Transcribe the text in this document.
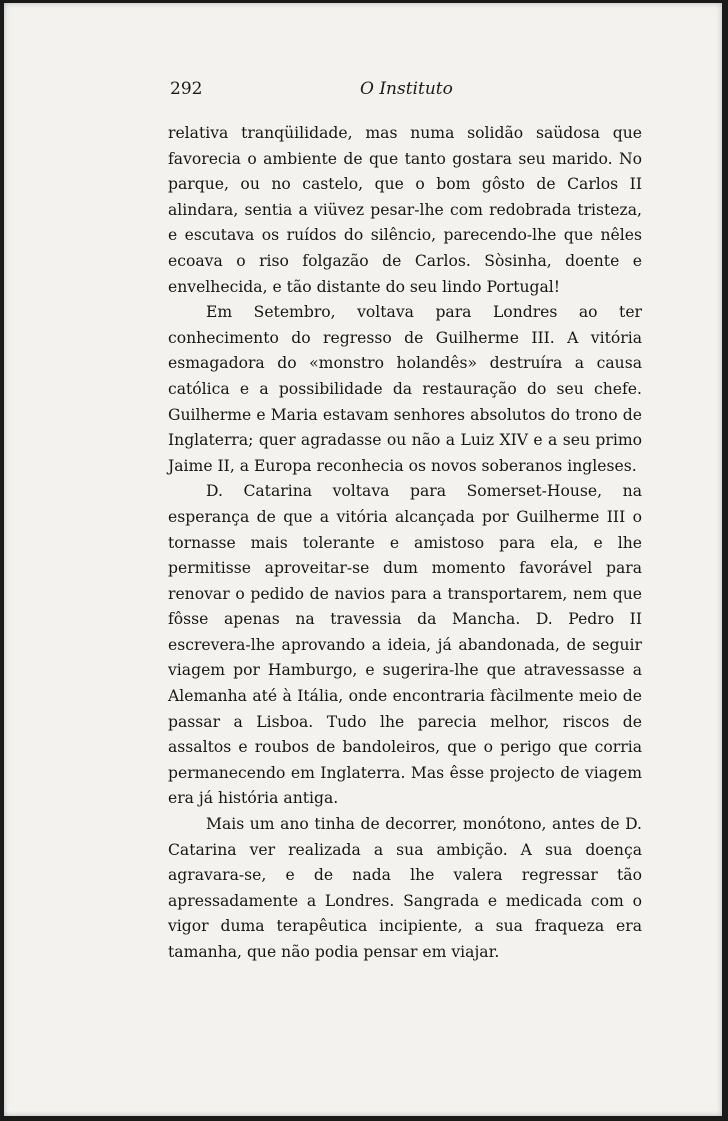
292	O Instituto

relativa tranqüilidade, mas numa solidão saüdosa que favorecia o ambiente de que tanto gostara seu marido. No parque, ou no castelo, que o bom gôsto de Carlos II alindara, sentia a viüvez pesar-lhe com redobrada tristeza, e escutava os ruídos do silêncio, parecendo-lhe que nêles ecoava o riso folgazão de Carlos. Sòsinha, doente e envelhecida, e tão distante do seu lindo Portugal!

Em Setembro, voltava para Londres ao ter conhecimento do regresso de Guilherme III. A vitória esmagadora do «monstro holandês» destruíra a causa católica e a possibilidade da restauração do seu chefe. Guilherme e Maria estavam senhores absolutos do trono de Inglaterra; quer agradasse ou não a Luiz XIV e a seu primo Jaime II, a Europa reconhecia os novos soberanos ingleses.

D. Catarina voltava para Somerset-House, na esperança de que a vitória alcançada por Guilherme III o tornasse mais tolerante e amistoso para ela, e lhe permitisse aproveitar-se dum momento favorável para renovar o pedido de navios para a transportarem, nem que fôsse apenas na travessia da Mancha. D. Pedro II escrevera-lhe aprovando a ideia, já abandonada, de seguir viagem por Hamburgo, e sugerira-lhe que atravessasse a Alemanha até à Itália, onde encontraria fàcilmente meio de passar a Lisboa. Tudo lhe parecia melhor, riscos de assaltos e roubos de bandoleiros, que o perigo que corria permanecendo em Inglaterra. Mas êsse projecto de viagem era já história antiga.

Mais um ano tinha de decorrer, monótono, antes de D. Catarina ver realizada a sua ambição. A sua doença agravara-se, e de nada lhe valera regressar tão apressadamente a Londres. Sangrada e medicada com o vigor duma terapêutica incipiente, a sua fraqueza era tamanha, que não podia pensar em viajar.
